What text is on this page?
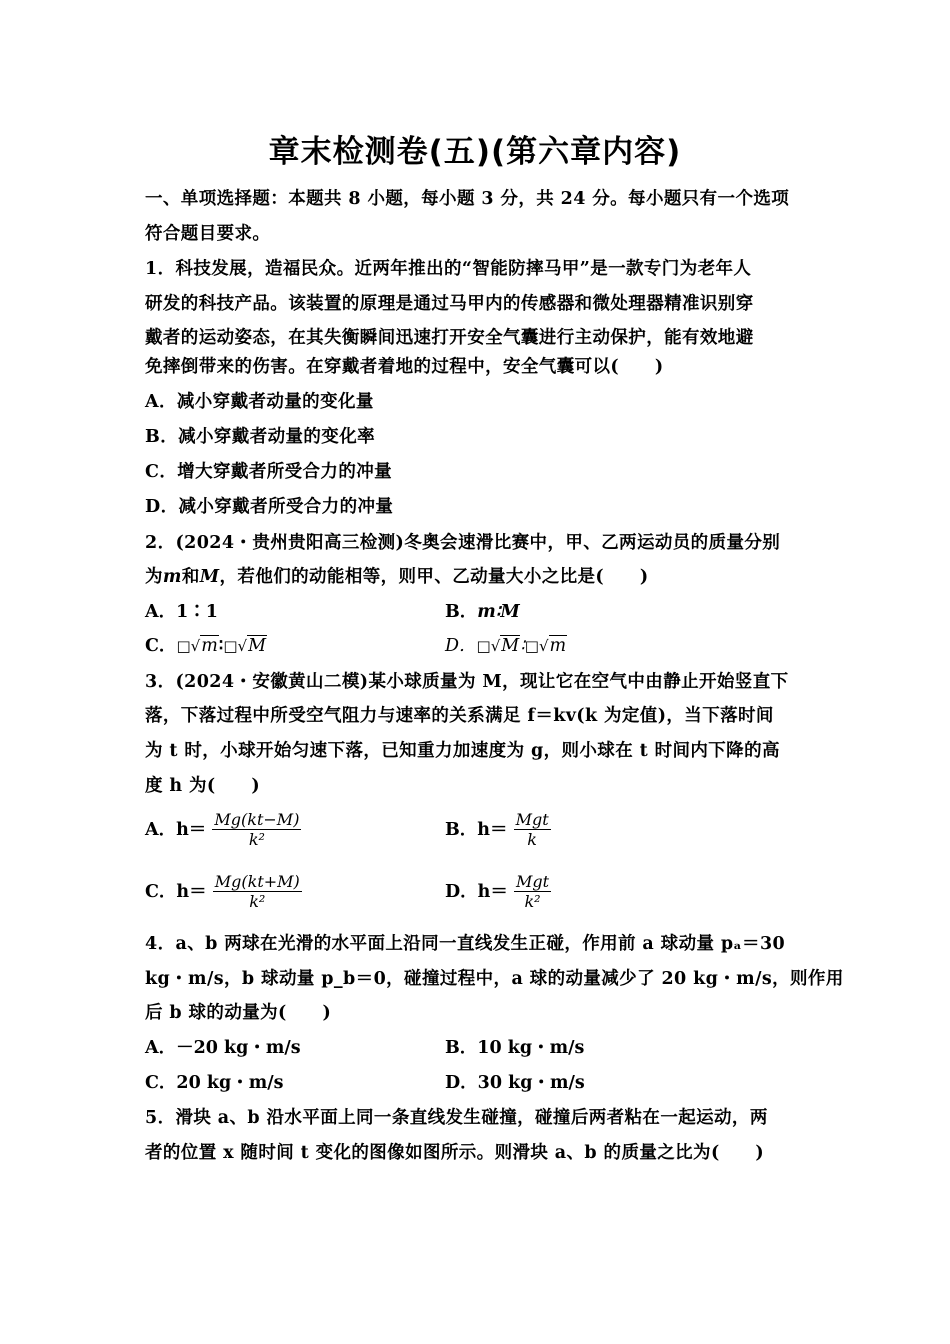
章末检测卷(五)(第六章内容)
一、单项选择题：本题共 8 小题，每小题 3 分，共 24 分。每小题只有一个选项
符合题目要求。
1．科技发展，造福民众。近两年推出的“智能防摔马甲”是一款专门为老年人
研发的科技产品。该装置的原理是通过马甲内的传感器和微处理器精准识别穿
戴者的运动姿态，在其失衡瞬间迅速打开安全气囊进行主动保护，能有效地避
免摔倒带来的伤害。在穿戴者着地的过程中，安全气囊可以(　　)
A．减小穿戴者动量的变化量
B．减小穿戴者动量的变化率
C．增大穿戴者所受合力的冲量
D．减小穿戴者所受合力的冲量
2．(2024・贵州贵阳高三检测)冬奥会速滑比赛中，甲、乙两运动员的质量分别
为m和M，若他们的动能相等，则甲、乙动量大小之比是(　　)
A．1∶1	B．m∶M
C．□√m∶□√M	D．□√M∶□√m
3．(2024・安徽黄山二模)某小球质量为 M，现让它在空气中由静止开始竖直下
落，下落过程中所受空气阻力与速率的关系满足 f＝kv(k 为定值)，当下落时间
为 t 时，小球开始匀速下落，已知重力加速度为 g，则小球在 t 时间内下降的高
度 h 为(　　)
A．$h= \frac{Mg(kt-M)}{\text{k²}}$	B．$h= \frac{\text{Mgt}}{k}$
C．$h= \frac{Mg(kt+M)}{\text{k²}}$	D．$h= \frac{\text{Mgt}}{\text{k²}}$
4．a、b 两球在光滑的水平面上沿同一直线发生正碰，作用前 a 球动量 pₐ＝30
kg・m/s，b 球动量 p_b＝0，碰撞过程中，a 球的动量减少了 20 kg・m/s，则作用
后 b 球的动量为(　　)
A．－20 kg・m/s	B．10 kg・m/s
C．20 kg・m/s	D．30 kg・m/s
5．滑块 a、b 沿水平面上同一条直线发生碰撞，碰撞后两者粘在一起运动，两
者的位置 x 随时间 t 变化的图像如图所示。则滑块 a、b 的质量之比为(　　)
